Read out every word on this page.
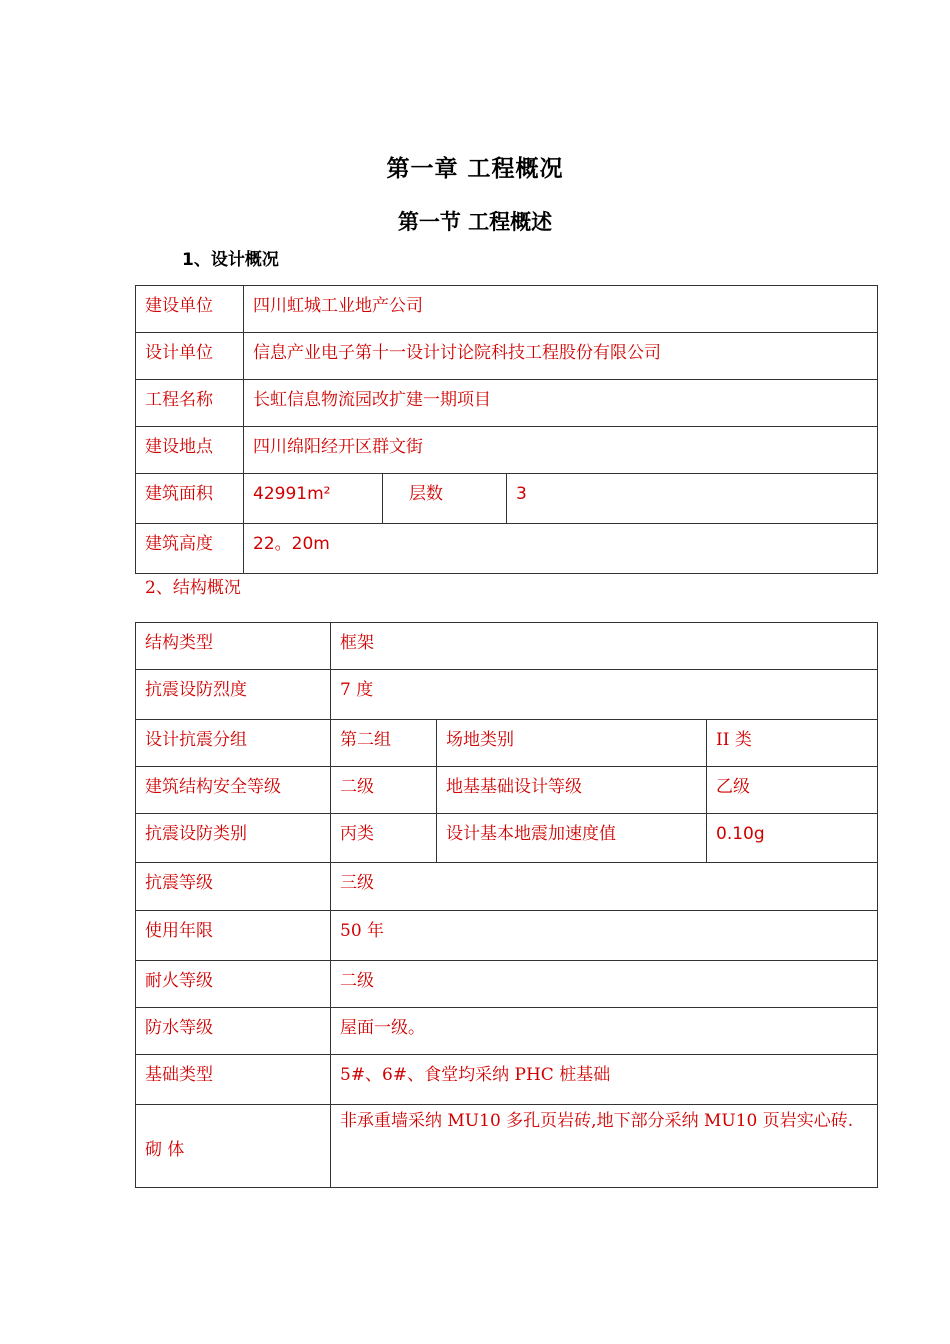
第一章 工程概况
第一节 工程概述
1、设计概况
建设单位	四川虹城工业地产公司		
设计单位	信息产业电子第十一设计讨论院科技工程股份有限公司		
工程名称	长虹信息物流园改扩建一期项目		
建设地点	四川绵阳经开区群文街		
建筑面积	42991m²	层数	3
建筑高度	22。20m		
2、结构概况
结构类型	框架		
抗震设防烈度	7 度		
设计抗震分组	第二组	场地类别	II 类
建筑结构安全等级	二级	地基基础设计等级	乙级
抗震设防类别	丙类	设计基本地震加速度值	0.10g
抗震等级	三级		
使用年限	50 年		
耐火等级	二级		
防水等级	屋面一级。		
基础类型	5#、6#、食堂均采纳 PHC 桩基础		
砌 体	非承重墙采纳 MU10 多孔页岩砖,地下部分采纳 MU10 页岩实心砖.		
